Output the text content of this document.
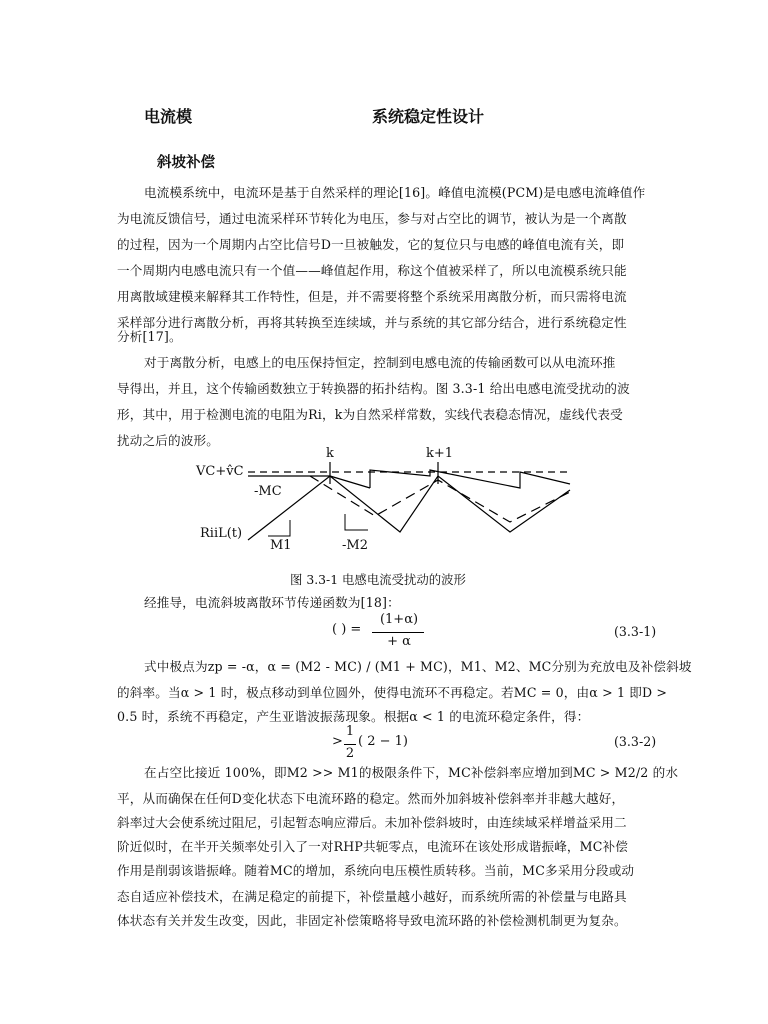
电流模	系统稳定性设计
斜坡补偿
电流模系统中，电流环是基于自然采样的理论[16]。峰值电流模(PCM)是电感电流峰值作
为电流反馈信号，通过电流采样环节转化为电压，参与对占空比的调节，被认为是一个离散
的过程，因为一个周期内占空比信号D一旦被触发，它的复位只与电感的峰值电流有关，即
一个周期内电感电流只有一个值——峰值起作用，称这个值被采样了，所以电流模系统只能
用离散域建模来解释其工作特性，但是，并不需要将整个系统采用离散分析，而只需将电流
采样部分进行离散分析，再将其转换至连续域，并与系统的其它部分结合，进行系统稳定性
分析[17]。
对于离散分析，电感上的电压保持恒定，控制到电感电流的传输函数可以从电流环推
导得出，并且，这个传输函数独立于转换器的拓扑结构。图 3.3-1 给出电感电流受扰动的波
形，其中，用于检测电流的电阻为Ri，k为自然采样常数，实线代表稳态情况，虚线代表受
扰动之后的波形。
k	k+1
VC+v̂C
-MC
RiiL(t)
M1	-M2
图 3.3-1 电感电流受扰动的波形
经推导，电流斜坡离散环节传递函数为[18]：
( ) =
(1+α)
+ α
(3.3-1)
式中极点为zp = -α，α = (M2 - MC) / (M1 + MC)，M1、M2、MC分别为充放电及补偿斜坡
的斜率。当α > 1 时，极点移动到单位圆外，使得电流环不再稳定。若MC = 0，由α > 1 即D >
0.5 时，系统不再稳定，产生亚谐波振荡现象。根据α < 1 的电流环稳定条件，得：
>
1
2
( 2 − 1)	(3.3-2)
在占空比接近 100%，即M2 >> M1的极限条件下，MC补偿斜率应增加到MC > M2/2 的水
平，从而确保在任何D变化状态下电流环路的稳定。然而外加斜坡补偿斜率并非越大越好，
斜率过大会使系统过阻尼，引起暂态响应滞后。未加补偿斜坡时，由连续域采样增益采用二
阶近似时，在半开关频率处引入了一对RHP共轭零点，电流环在该处形成谐振峰，MC补偿
作用是削弱该谐振峰。随着MC的增加，系统向电压模性质转移。当前，MC多采用分段或动
态自适应补偿技术，在满足稳定的前提下，补偿量越小越好，而系统所需的补偿量与电路具
体状态有关并发生改变，因此，非固定补偿策略将导致电流环路的补偿检测机制更为复杂。
